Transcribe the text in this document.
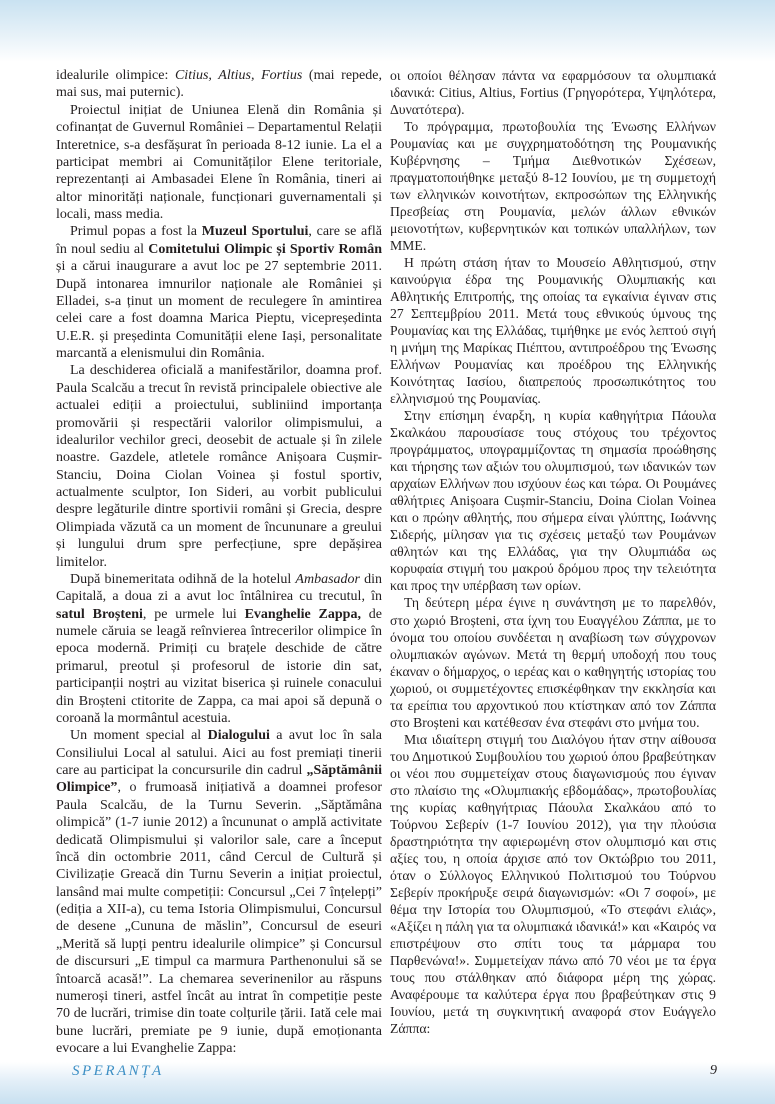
idealurile olimpice: Citius, Altius, Fortius (mai repede, mai sus, mai puternic).

Proiectul inițiat de Uniunea Elenă din România și cofinanțat de Guvernul României – Departamentul Relații Interetnice, s-a desfășurat în perioada 8-12 iunie. La el a participat membri ai Comunităților Elene teritoriale, reprezentanți ai Ambasadei Elene în România, tineri ai altor minorități naționale, funcționari guvernamentali și locali, mass media.

Primul popas a fost la Muzeul Sportului, care se află în noul sediu al Comitetului Olimpic și Sportiv Român și a cărui inaugurare a avut loc pe 27 septembrie 2011. După intonarea imnurilor naționale ale României și Elladei, s-a ținut un moment de reculegere în amintirea celei care a fost doamna Marica Pieptu, vicepreședinta U.E.R. și președinta Comunității elene Iași, personalitate marcantă a elenismului din România.

La deschiderea oficială a manifestărilor, doamna prof. Paula Scalcău a trecut în revistă principalele obiective ale actualei ediții a proiectului, subliniind importanța promovării și respectării valorilor olimpismului, a idealurilor vechilor greci, deosebit de actuale și în zilele noastre. Gazdele, atletele românce Anișoara Cușmir-Stanciu, Doina Ciolan Voinea și fostul sportiv, actualmente sculptor, Ion Sideri, au vorbit publicului despre legăturile dintre sportivii români și Grecia, despre Olimpiada văzută ca un moment de încununare a greului și lungului drum spre perfecțiune, spre depășirea limitelor.

După binemeritata odihnă de la hotelul Ambasador din Capitală, a doua zi a avut loc întâlnirea cu trecutul, în satul Broșteni, pe urmele lui Evanghelie Zappa, de numele căruia se leagă reînvierea întrecerilor olimpice în epoca modernă. Primiți cu brațele deschide de către primarul, preotul și profesorul de istorie din sat, participanții noștri au vizitat biserica și ruinele conacului din Broșteni ctitorite de Zappa, ca mai apoi să depună o coroană la mormântul acestuia.

Un moment special al Dialogului a avut loc în sala Consiliului Local al satului. Aici au fost premiați tinerii care au participat la concursurile din cadrul „Săptămânii Olimpice”, o frumoasă inițiativă a doamnei profesor Paula Scalcău, de la Turnu Severin. „Săptămâna olimpică” (1-7 iunie 2012) a încununat o amplă activitate dedicată Olimpismului și valorilor sale, care a început încă din octombrie 2011, când Cercul de Cultură și Civilizație Greacă din Turnu Severin a inițiat proiectul, lansând mai multe competiții: Concursul „Cei 7 înțelepți” (ediția a XII-a), cu tema Istoria Olimpismului, Concursul de desene „Cununa de măslin”, Concursul de eseuri „Merită să lupți pentru idealurile olimpice” și Concursul de discursuri „E timpul ca marmura Parthenonului să se întoarcă acasă!”. La chemarea severinenilor au răspuns numeroși tineri, astfel încât au intrat în competiție peste 70 de lucrări, trimise din toate colțurile țării. Iată cele mai bune lucrări, premiate pe 9 iunie, după emoționanta evocare a lui Evanghelie Zappa:

οι οποίοι θέλησαν πάντα να εφαρμόσουν τα ολυμπιακά ιδανικά: Citius, Altius, Fortius (Γρηγορότερα, Υψηλότερα, Δυνατότερα).

Το πρόγραμμα, πρωτοβουλία της Ένωσης Ελλήνων Ρουμανίας και με συγχρηματοδότηση της Ρουμανικής Κυβέρνησης – Τμήμα Διεθνοτικών Σχέσεων, πραγματοποιήθηκε μεταξύ 8-12 Ιουνίου, με τη συμμετοχή των ελληνικών κοινοτήτων, εκπροσώπων της Ελληνικής Πρεσβείας στη Ρουμανία, μελών άλλων εθνικών μειονοτήτων, κυβερνητικών και τοπικών υπαλλήλων, των ΜΜΕ.

Η πρώτη στάση ήταν το Μουσείο Αθλητισμού, στην καινούργια έδρα της Ρουμανικής Ολυμπιακής και Αθλητικής Επιτροπής, της οποίας τα εγκαίνια έγιναν στις 27 Σεπτεμβρίου 2011. Μετά τους εθνικούς ύμνους της Ρουμανίας και της Ελλάδας, τιμήθηκε με ενός λεπτού σιγή η μνήμη της Μαρίκας Πιέπτου, αντιπροέδρου της Ένωσης Ελλήνων Ρουμανίας και προέδρου της Ελληνικής Κοινότητας Ιασίου, διαπρεπούς προσωπικότητος του ελληνισμού της Ρουμανίας.

Στην επίσημη έναρξη, η κυρία καθηγήτρια Πάουλα Σκαλκάου παρουσίασε τους στόχους του τρέχοντος προγράμματος, υπογραμμίζοντας τη σημασία προώθησης και τήρησης των αξιών του ολυμπισμού, των ιδανικών των αρχαίων Ελλήνων που ισχύουν έως και τώρα. Οι Ρουμάνες αθλήτριες Anișoara Cușmir-Stanciu, Doina Ciolan Voinea και ο πρώην αθλητής, που σήμερα είναι γλύπτης, Ιωάννης Σιδερής, μίλησαν για τις σχέσεις μεταξύ των Ρουμάνων αθλητών και της Ελλάδας, για την Ολυμπιάδα ως κορυφαία στιγμή του μακρού δρόμου προς την τελειότητα και προς την υπέρβαση των ορίων.

Τη δεύτερη μέρα έγινε η συνάντηση με το παρελθόν, στο χωριό Broșteni, στα ίχνη του Ευαγγέλου Ζάππα, με το όνομα του οποίου συνδέεται η αναβίωση των σύγχρονων ολυμπιακών αγώνων. Μετά τη θερμή υποδοχή που τους έκαναν ο δήμαρχος, ο ιερέας και ο καθηγητής ιστορίας του χωριού, οι συμμετέχοντες επισκέφθηκαν την εκκλησία και τα ερείπια του αρχοντικού που κτίστηκαν από τον Ζάππα στο Broșteni και κατέθεσαν ένα στεφάνι στο μνήμα του.

Μια ιδιαίτερη στιγμή του Διαλόγου ήταν στην αίθουσα του Δημοτικού Συμβουλίου του χωριού όπου βραβεύτηκαν οι νέοι που συμμετείχαν στους διαγωνισμούς που έγιναν στο πλαίσιο της «Ολυμπιακής εβδομάδας», πρωτοβουλίας της κυρίας καθηγήτριας Πάουλα Σκαλκάου από το Τούρνου Σεβερίν (1-7 Ιουνίου 2012), για την πλούσια δραστηριότητα την αφιερωμένη στον ολυμπισμό και στις αξίες του, η οποία άρχισε από τον Οκτώβριο του 2011, όταν ο Σύλλογος Ελληνικού Πολιτισμού του Τούρνου Σεβερίν προκήρυξε σειρά διαγωνισμών: «Οι 7 σοφοί», με θέμα την Ιστορία του Ολυμπισμού, «Το στεφάνι ελιάς», «Αξίζει η πάλη για τα ολυμπιακά ιδανικά!» και «Καιρός να επιστρέψουν στο σπίτι τους τα μάρμαρα του Παρθενώνα!». Συμμετείχαν πάνω από 70 νέοι με τα έργα τους που στάλθηκαν από διάφορα μέρη της χώρας. Αναφέρουμε τα καλύτερα έργα που βραβεύτηκαν στις 9 Ιουνίου, μετά τη συγκινητική αναφορά στον Ευάγγελο Ζάππα:

SPERANȚA	9
